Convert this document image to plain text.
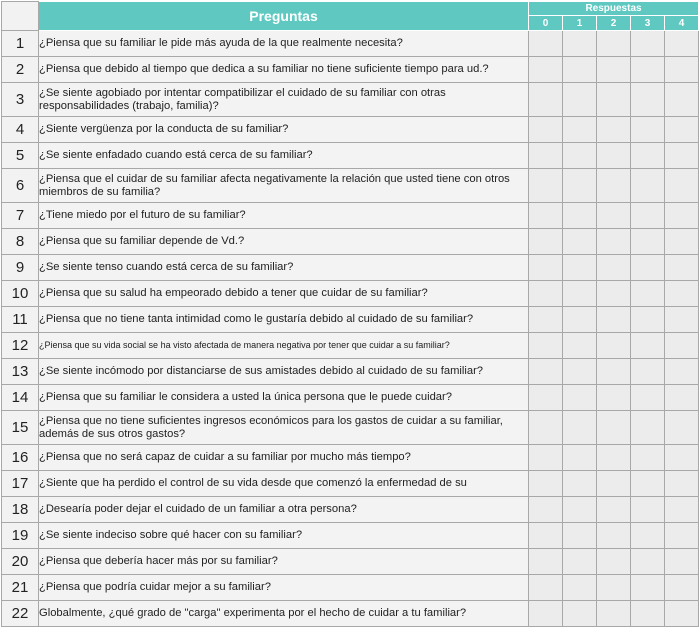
	Preguntas	Respuestas				
		0	1	2	3	4
1	¿Piensa que su familiar le pide más ayuda de la que realmente necesita?					
2	¿Piensa que debido al tiempo que dedica a su familiar no tiene suficiente tiempo para ud.?					
3	¿Se siente agobiado por intentar compatibilizar el cuidado de su familiar con otras responsabilidades (trabajo, familia)?					
4	¿Siente vergüenza por la conducta de su familiar?					
5	¿Se siente enfadado cuando está cerca de su familiar?					
6	¿Piensa que el cuidar de su familiar afecta negativamente la relación que usted tiene con otros miembros de su familia?					
7	¿Tiene miedo por el futuro de su familiar?					
8	¿Piensa que su familiar depende de Vd.?					
9	¿Se siente tenso cuando está cerca de su familiar?					
10	¿Piensa que su salud ha empeorado debido a tener que cuidar de su familiar?					
11	¿Piensa que no tiene tanta intimidad como le gustaría debido al cuidado de su familiar?					
12	¿Piensa que su vida social se ha visto afectada de manera negativa por tener que cuidar a su familiar?					
13	¿Se siente incómodo por distanciarse de sus amistades debido al cuidado de su familiar?					
14	¿Piensa que su familiar le considera a usted la única persona que le puede cuidar?					
15	¿Piensa que no tiene suficientes ingresos económicos para los gastos de cuidar a su familiar, además de sus otros gastos?					
16	¿Piensa que no será capaz de cuidar a su familiar por mucho más tiempo?					
17	¿Siente que ha perdido el control de su vida desde que comenzó la enfermedad de su					
18	¿Desearía poder dejar el cuidado de un familiar a otra persona?					
19	¿Se siente indeciso sobre qué hacer con su familiar?					
20	¿Piensa que debería hacer más por su familiar?					
21	¿Piensa que podría cuidar mejor a su familiar?					
22	Globalmente, ¿qué grado de "carga" experimenta por el hecho de cuidar a tu familiar?					
